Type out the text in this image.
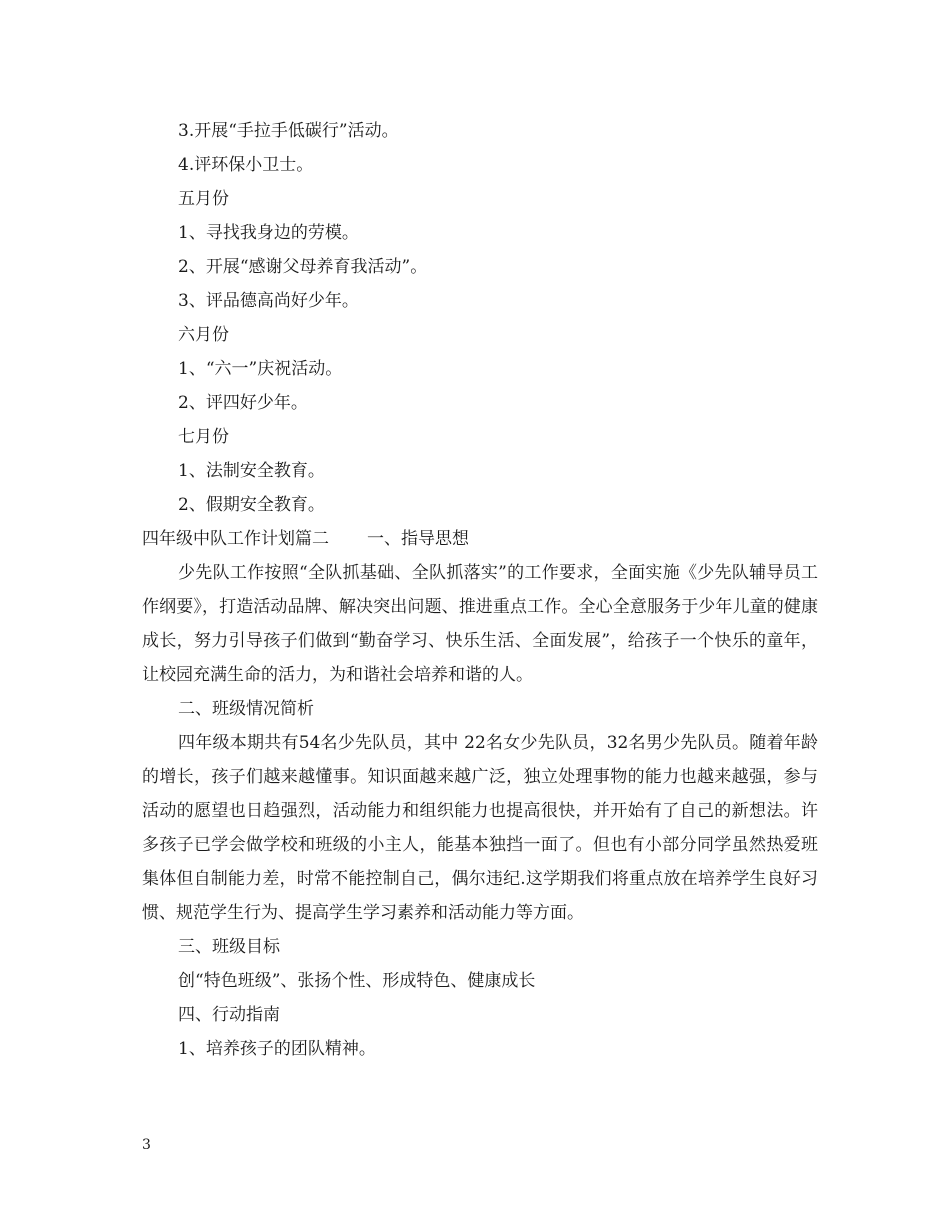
3.开展“手拉手低碳行”活动。
4.评环保小卫士。
五月份
1、寻找我身边的劳模。
2、开展“感谢父母养育我活动”。
3、评品德高尚好少年。
六月份
1、“六一”庆祝活动。
2、评四好少年。
七月份
1、法制安全教育。
2、假期安全教育。
四年级中队工作计划篇二 一、指导思想

少先队工作按照“全队抓基础、全队抓落实”的工作要求，全面实施《少先队辅导员工作纲要》，打造活动品牌、解决突出问题、推进重点工作。全心全意服务于少年儿童的健康成长，努力引导孩子们做到“勤奋学习、快乐生活、全面发展”，给孩子一个快乐的童年，让校园充满生命的活力，为和谐社会培养和谐的人。

二、班级情况简析

四年级本期共有54名少先队员，其中 22名女少先队员，32名男少先队员。随着年龄的增长，孩子们越来越懂事。知识面越来越广泛，独立处理事物的能力也越来越强，参与活动的愿望也日趋强烈，活动能力和组织能力也提高很快，并开始有了自己的新想法。许多孩子已学会做学校和班级的小主人，能基本独挡一面了。但也有小部分同学虽然热爱班集体但自制能力差，时常不能控制自己，偶尔违纪.这学期我们将重点放在培养学生良好习惯、规范学生行为、提高学生学习素养和活动能力等方面。

三、班级目标
创“特色班级”、张扬个性、形成特色、健康成长
四、行动指南
1、培养孩子的团队精神。
3
